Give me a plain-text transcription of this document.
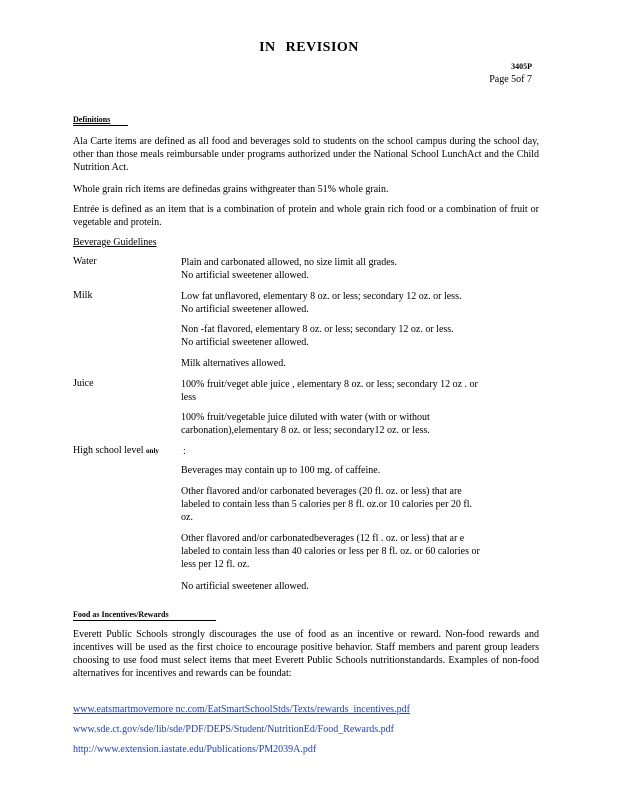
IN REVISION
3405P
Page 5of 7
Definitions
Ala Carte items are defined as all food and beverages sold to students on the school campus during the school day, other than those meals reimbursable under programs authorized under the National School LunchAct and the Child Nutrition Act.
Whole grain rich items are definedas grains withgreater than 51% whole grain.
Entrée is defined as an item that is a combination of protein and whole grain rich food or a combination of fruit or vegetable and protein.
Beverage Guidelines
Water	Plain and carbonated allowed, no size limit all grades.
No artificial sweetener allowed.
Milk	Low fat unflavored, elementary 8 oz. or less; secondary 12 oz. or less.
No artificial sweetener allowed.
Non -fat flavored, elementary 8 oz. or less; secondary 12 oz. or less.
No artificial sweetener allowed.
Milk alternatives allowed.
Juice	100% fruit/veget able juice , elementary 8 oz. or less; secondary 12 oz . or
less
100% fruit/vegetable juice diluted with water (with or without
carbonation),elementary 8 oz. or less; secondary12 oz. or less.
High school level only :
Beverages may contain up to 100 mg. of caffeine.
Other flavored and/or carbonated beverages (20 fl. oz. or less) that are
labeled to contain less than 5 calories per 8 fl. oz.or 10 calories per 20 fl.
oz.
Other flavored and/or carbonatedbeverages (12 fl . oz. or less) that ar e
labeled to contain less than 40 calories or less per 8 fl. oz. or 60 calories or
less per 12 fl. oz.
No artificial sweetener allowed.
Food as Incentives/Rewards
Everett Public Schools strongly discourages the use of food as an incentive or reward. Non-food rewards and incentives will be used as the first choice to encourage positive behavior. Staff members and parent group leaders choosing to use food must select items that meet Everett Public Schools nutritionstandards. Examples of non-food alternatives for incentives and rewards can be foundat:
www.eatsmartmovemore nc.com/EatSmartSchoolStds/Texts/rewards_incentives.pdf
www.sde.ct.gov/sde/lib/sde/PDF/DEPS/Student/NutritionEd/Food_Rewards.pdf
http://www.extension.iastate.edu/Publications/PM2039A.pdf
